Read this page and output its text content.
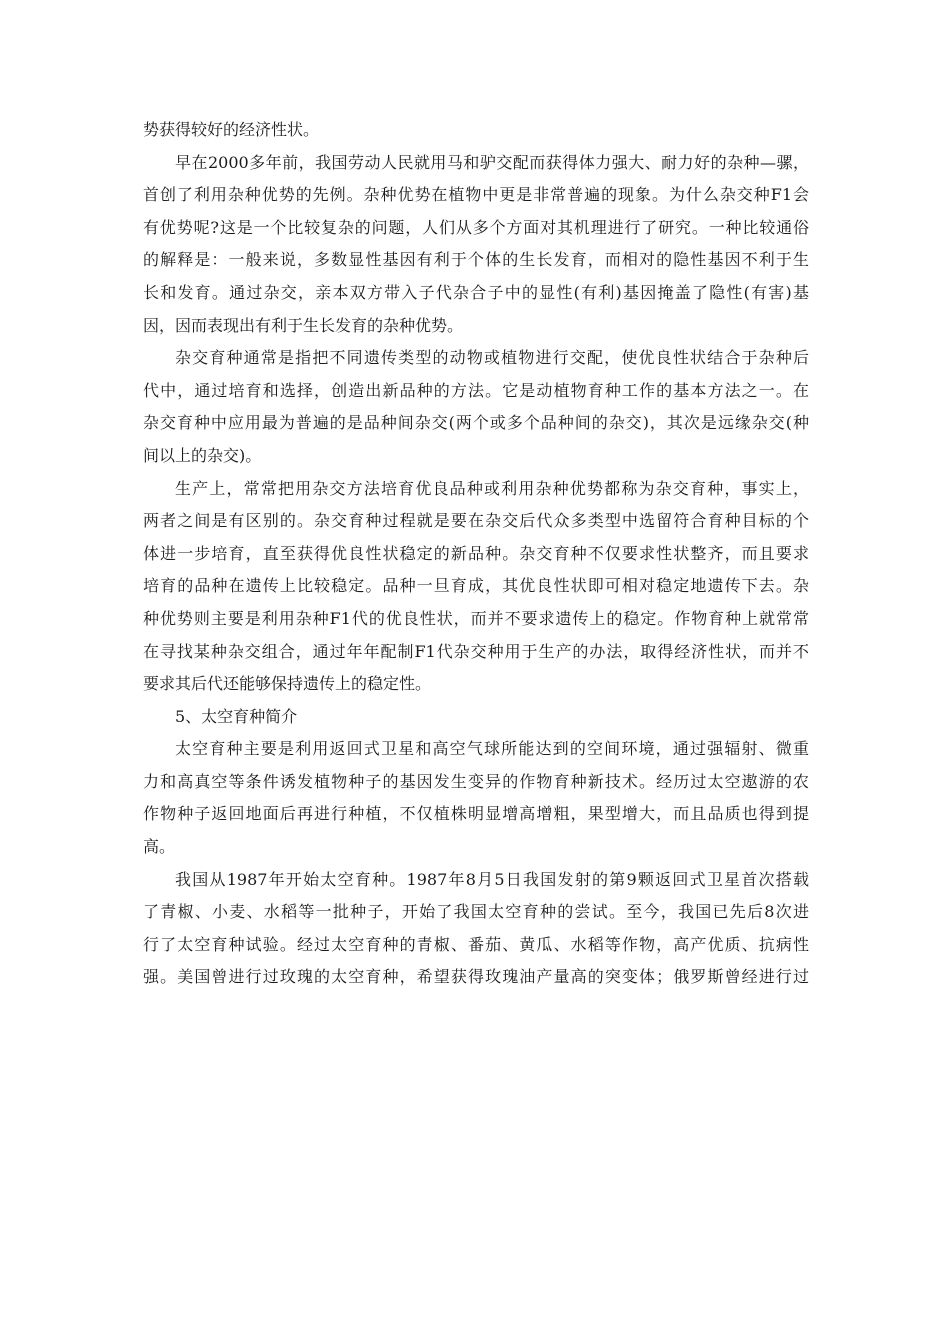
势获得较好的经济性状。
早在2000多年前，我国劳动人民就用马和驴交配而获得体力强大、耐力好的杂种—骡，
首创了利用杂种优势的先例。杂种优势在植物中更是非常普遍的现象。为什么杂交种F1会
有优势呢?这是一个比较复杂的问题，人们从多个方面对其机理进行了研究。一种比较通俗
的解释是：一般来说，多数显性基因有利于个体的生长发育，而相对的隐性基因不利于生
长和发育。通过杂交，亲本双方带入子代杂合子中的显性(有利)基因掩盖了隐性(有害)基
因，因而表现出有利于生长发育的杂种优势。
杂交育种通常是指把不同遗传类型的动物或植物进行交配，使优良性状结合于杂种后
代中，通过培育和选择，创造出新品种的方法。它是动植物育种工作的基本方法之一。在
杂交育种中应用最为普遍的是品种间杂交(两个或多个品种间的杂交)，其次是远缘杂交(种
间以上的杂交)。
生产上，常常把用杂交方法培育优良品种或利用杂种优势都称为杂交育种，事实上，
两者之间是有区别的。杂交育种过程就是要在杂交后代众多类型中选留符合育种目标的个
体进一步培育，直至获得优良性状稳定的新品种。杂交育种不仅要求性状整齐，而且要求
培育的品种在遗传上比较稳定。品种一旦育成，其优良性状即可相对稳定地遗传下去。杂
种优势则主要是利用杂种F1代的优良性状，而并不要求遗传上的稳定。作物育种上就常常
在寻找某种杂交组合，通过年年配制F1代杂交种用于生产的办法，取得经济性状，而并不
要求其后代还能够保持遗传上的稳定性。
5、太空育种简介
太空育种主要是利用返回式卫星和高空气球所能达到的空间环境，通过强辐射、微重
力和高真空等条件诱发植物种子的基因发生变异的作物育种新技术。经历过太空遨游的农
作物种子返回地面后再进行种植，不仅植株明显增高增粗，果型增大，而且品质也得到提
高。
我国从1987年开始太空育种。1987年8月5日我国发射的第9颗返回式卫星首次搭载
了青椒、小麦、水稻等一批种子，开始了我国太空育种的尝试。至今，我国已先后8次进
行了太空育种试验。经过太空育种的青椒、番茄、黄瓜、水稻等作物，高产优质、抗病性
强。美国曾进行过玫瑰的太空育种，希望获得玫瑰油产量高的突变体；俄罗斯曾经进行过
